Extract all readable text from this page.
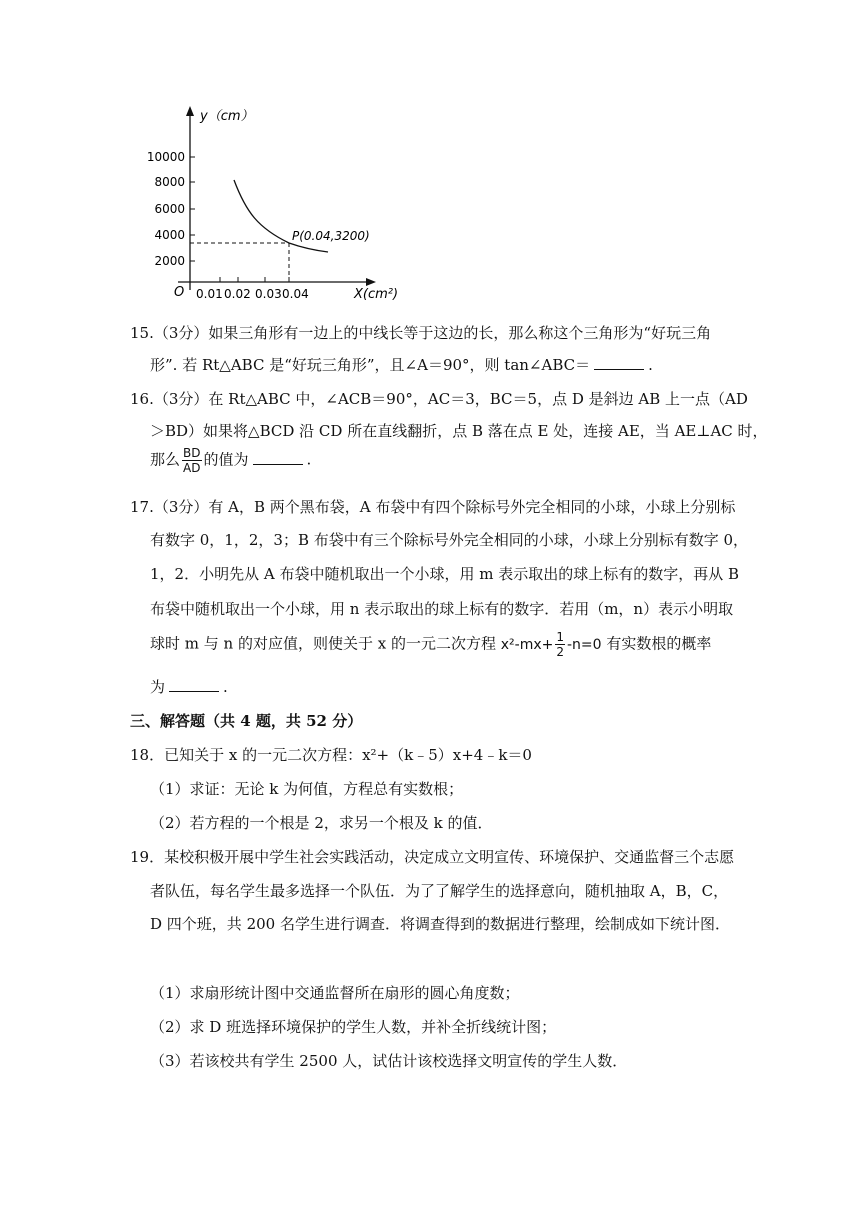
y（cm）
X(cm²)
O
10000
8000
6000
4000
2000
0.01 0.02 0.03 0.04
P(0.04,3200)
15.（3分）如果三角形有一边上的中线长等于这边的长，那么称这个三角形为“好玩三角
形”. 若 Rt△ABC 是“好玩三角形”，且∠A＝90°，则 tan∠ABC＝	.
16.（3分）在 Rt△ABC 中，∠ACB＝90°，AC＝3，BC＝5，点 D 是斜边 AB 上一点（AD
＞BD）如果将△BCD 沿 CD 所在直线翻折，点 B 落在点 E 处，连接 AE，当 AE⊥AC 时，
那么 $\frac{BD}{AD}$ 的值为	.
17.（3分）有 A，B 两个黑布袋，A 布袋中有四个除标号外完全相同的小球，小球上分别标
有数字 0，1，2，3；B 布袋中有三个除标号外完全相同的小球，小球上分别标有数字 0，
1，2．小明先从 A 布袋中随机取出一个小球，用 m 表示取出的球上标有的数字，再从 B
布袋中随机取出一个小球，用 n 表示取出的球上标有的数字．若用（m，n）表示小明取
球时 m 与 n 的对应值，则使关于 x 的一元二次方程 $x^2-mx+ \frac{1}{2} -n=0$ 有实数根的概率
为	.
三、解答题（共 4 题，共 52 分）
18．已知关于 x 的一元二次方程：x²+（k﹣5）x+4﹣k＝0
（1）求证：无论 k 为何值，方程总有实数根；
（2）若方程的一个根是 2，求另一个根及 k 的值．
19．某校积极开展中学生社会实践活动，决定成立文明宣传、环境保护、交通监督三个志愿
者队伍，每名学生最多选择一个队伍．为了了解学生的选择意向，随机抽取 A，B，C，
D 四个班，共 200 名学生进行调查．将调查得到的数据进行整理，绘制成如下统计图．
（1）求扇形统计图中交通监督所在扇形的圆心角度数；
（2）求 D 班选择环境保护的学生人数，并补全折线统计图；
（3）若该校共有学生 2500 人，试估计该校选择文明宣传的学生人数．
